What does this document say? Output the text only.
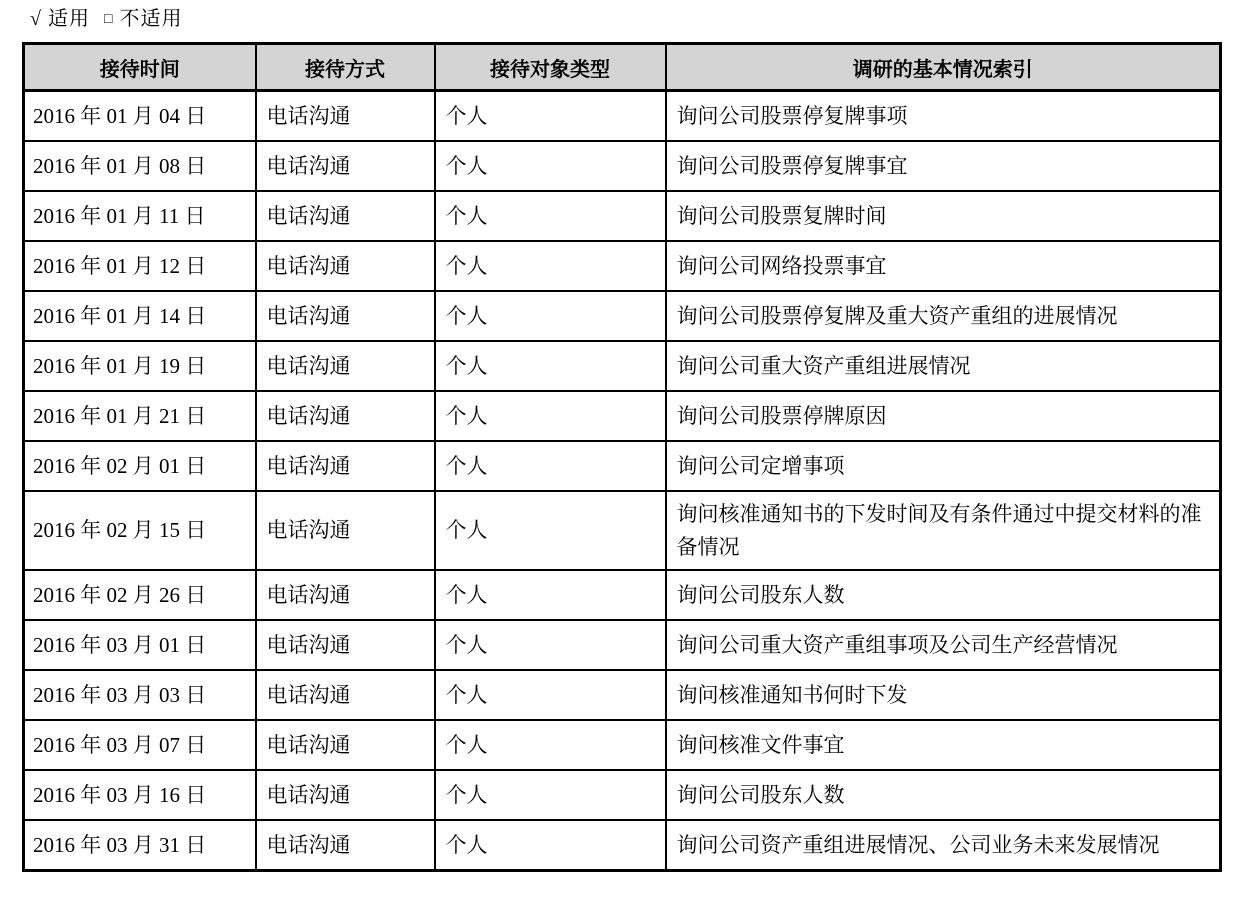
√ 适用 □ 不适用
接待时间	接待方式	接待对象类型	调研的基本情况索引
2016 年 01 月 04 日	电话沟通	个人	询问公司股票停复牌事项
2016 年 01 月 08 日	电话沟通	个人	询问公司股票停复牌事宜
2016 年 01 月 11 日	电话沟通	个人	询问公司股票复牌时间
2016 年 01 月 12 日	电话沟通	个人	询问公司网络投票事宜
2016 年 01 月 14 日	电话沟通	个人	询问公司股票停复牌及重大资产重组的进展情况
2016 年 01 月 19 日	电话沟通	个人	询问公司重大资产重组进展情况
2016 年 01 月 21 日	电话沟通	个人	询问公司股票停牌原因
2016 年 02 月 01 日	电话沟通	个人	询问公司定增事项
2016 年 02 月 15 日	电话沟通	个人	询问核准通知书的下发时间及有条件通过中提交材料的准备情况
2016 年 02 月 26 日	电话沟通	个人	询问公司股东人数
2016 年 03 月 01 日	电话沟通	个人	询问公司重大资产重组事项及公司生产经营情况
2016 年 03 月 03 日	电话沟通	个人	询问核准通知书何时下发
2016 年 03 月 07 日	电话沟通	个人	询问核准文件事宜
2016 年 03 月 16 日	电话沟通	个人	询问公司股东人数
2016 年 03 月 31 日	电话沟通	个人	询问公司资产重组进展情况、公司业务未来发展情况
